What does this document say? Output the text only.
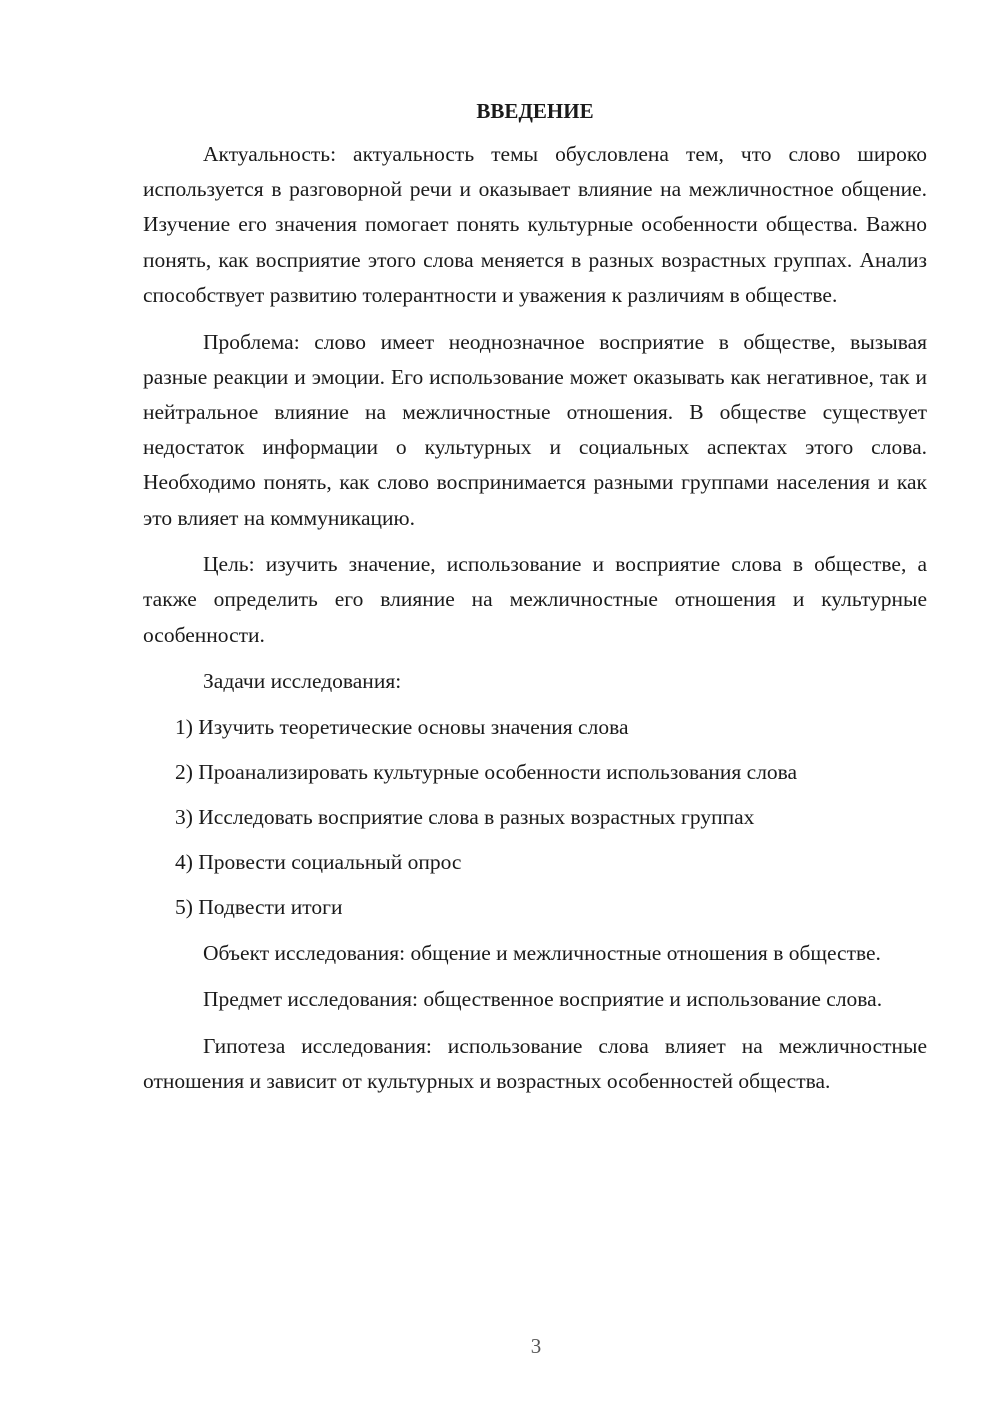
ВВЕДЕНИЕ

Актуальность: актуальность темы обусловлена тем, что слово широко используется в разговорной речи и оказывает влияние на межличностное общение. Изучение его значения помогает понять культурные особенности общества. Важно понять, как восприятие этого слова меняется в разных возрастных группах. Анализ способствует развитию толерантности и уважения к различиям в обществе.

Проблема: слово имеет неоднозначное восприятие в обществе, вызывая разные реакции и эмоции. Его использование может оказывать как негативное, так и нейтральное влияние на межличностные отношения. В обществе существует недостаток информации о культурных и социальных аспектах этого слова. Необходимо понять, как слово воспринимается разными группами населения и как это влияет на коммуникацию.

Цель: изучить значение, использование и восприятие слова в обществе, а также определить его влияние на межличностные отношения и культурные особенности.

Задачи исследования:

1) Изучить теоретические основы значения слова
2) Проанализировать культурные особенности использования слова
3) Исследовать восприятие слова в разных возрастных группах
4) Провести социальный опрос
5) Подвести итоги

Объект исследования: общение и межличностные отношения в обществе.

Предмет исследования: общественное восприятие и использование слова.

Гипотеза исследования: использование слова влияет на межличностные отношения и зависит от культурных и возрастных особенностей общества.

3
